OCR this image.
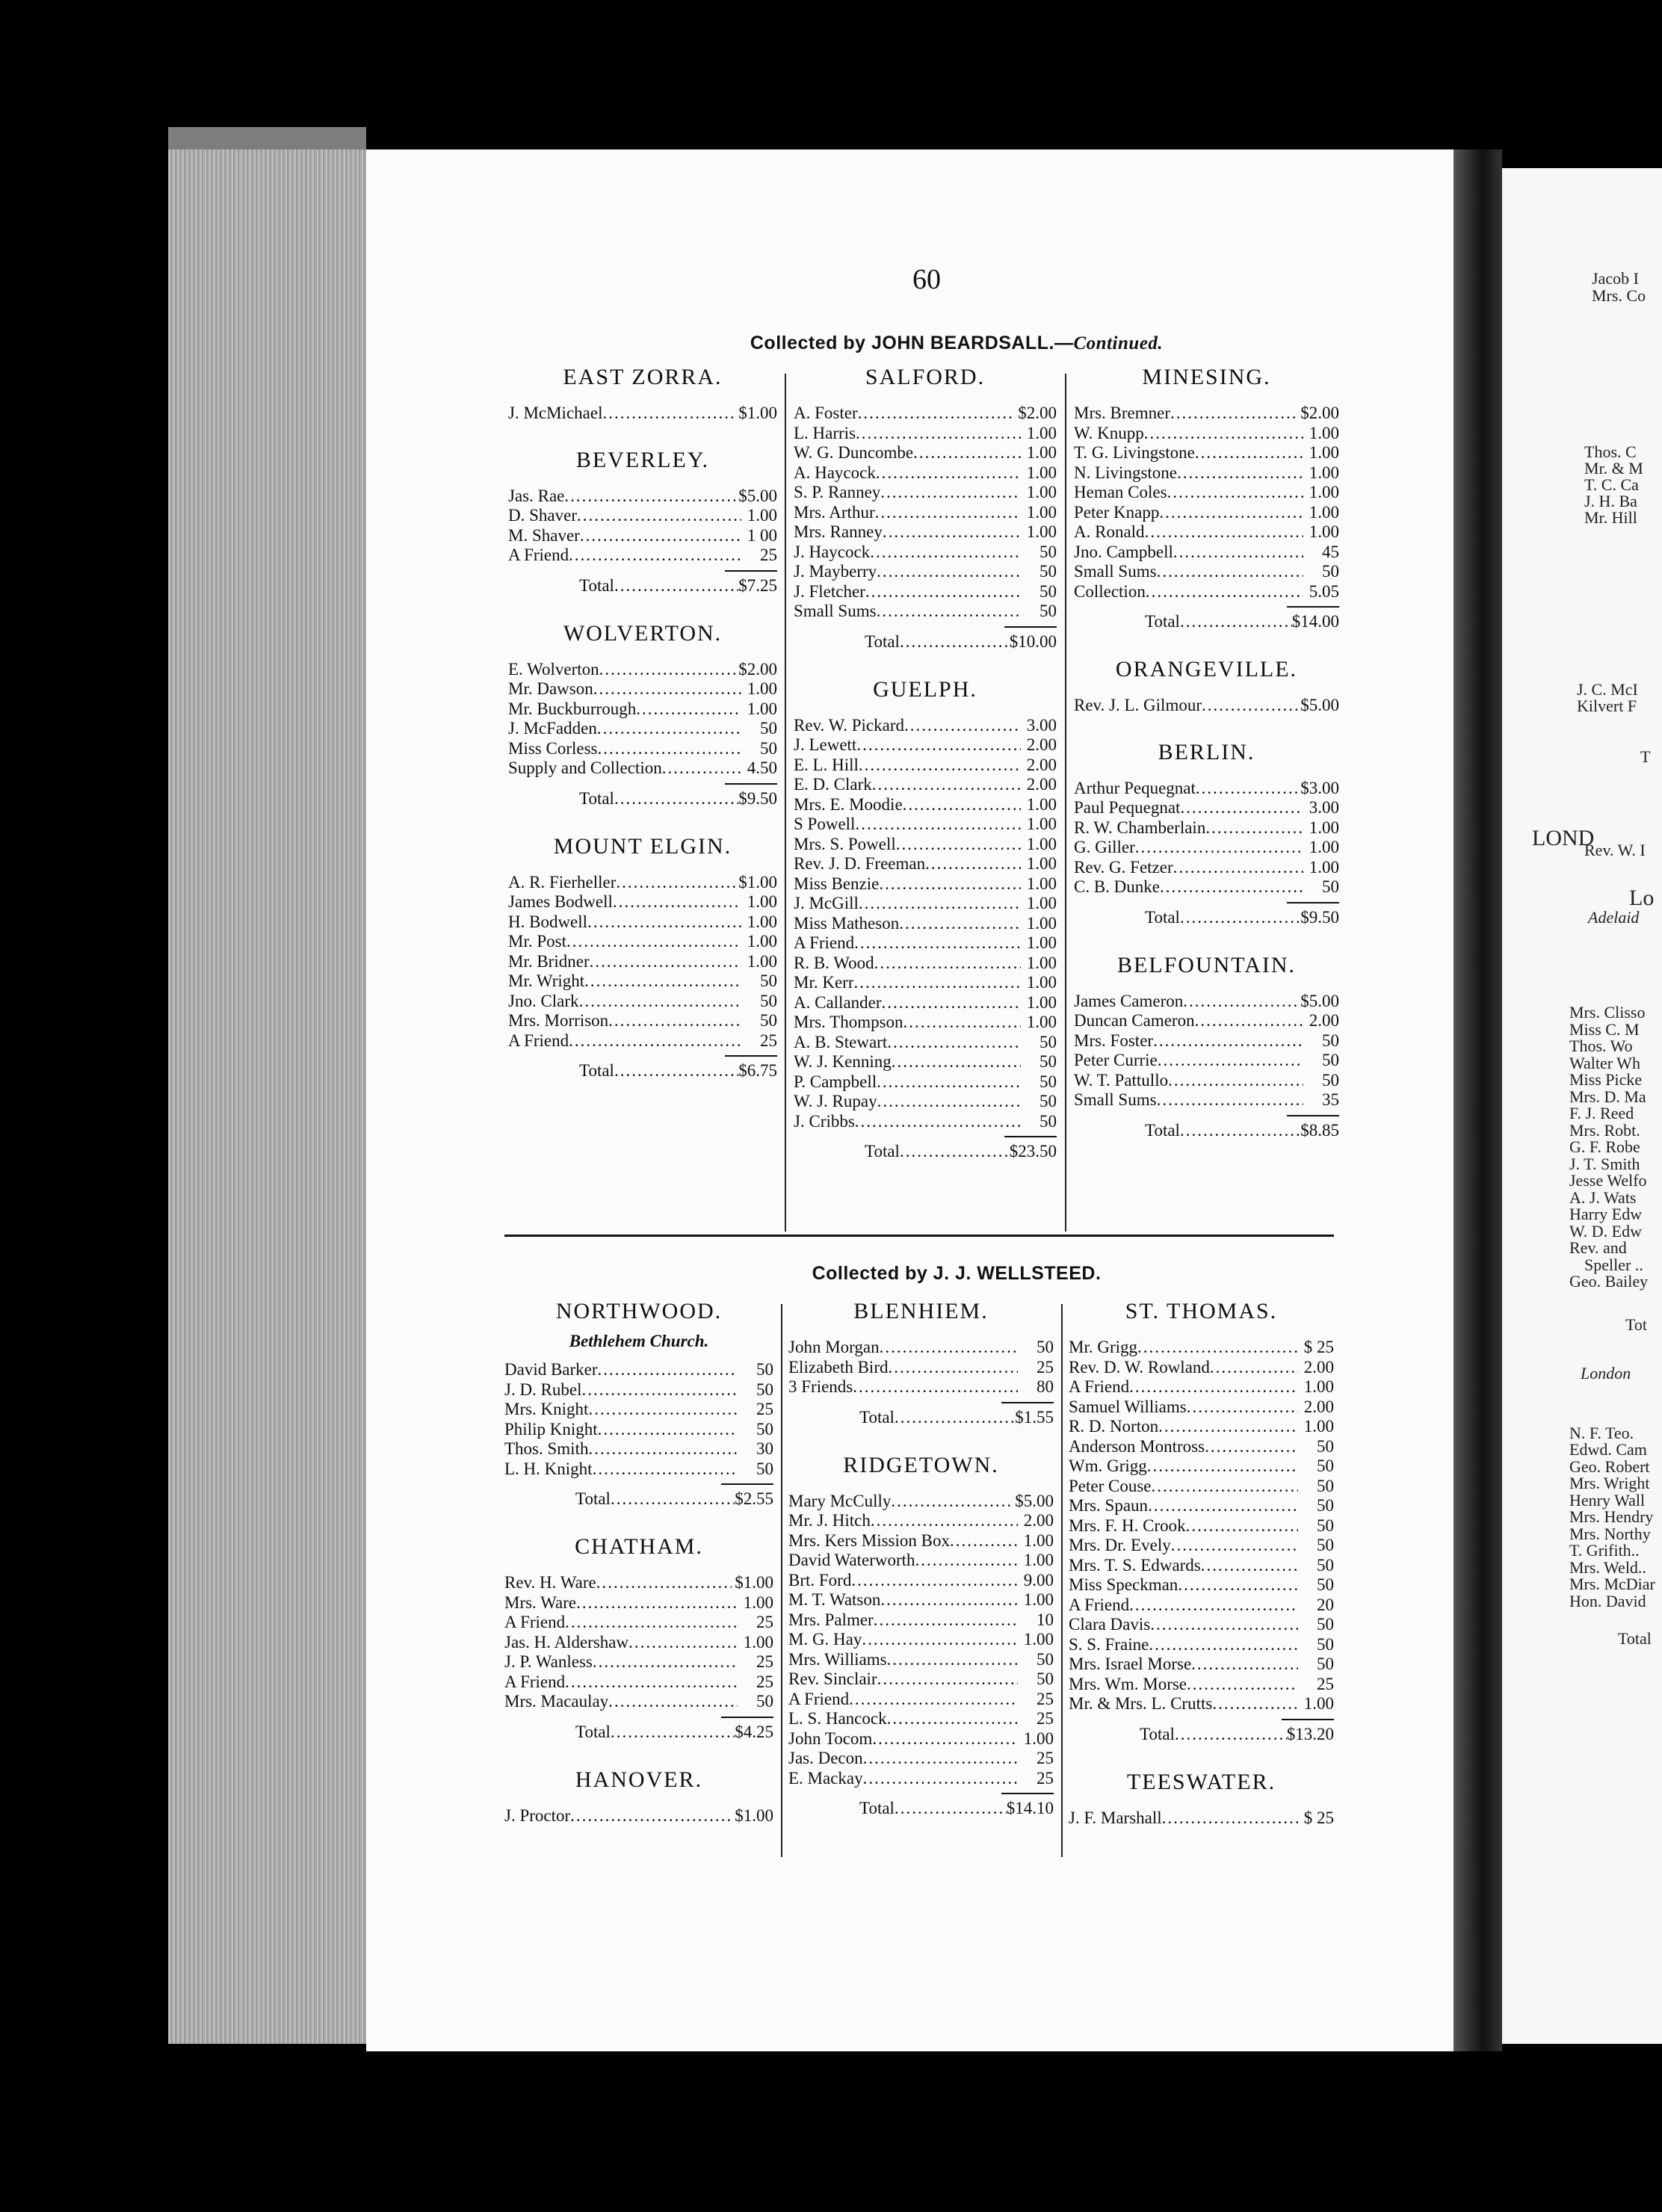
Jacob I
Mrs. Co
Thos. C
Mr. & M
T. C. Ca
J. H. Ba
Mr. Hill
J. C. McI
Kilvert F
T
LOND
Rev. W. I
Lo
Adelaid
Mrs. Clisso
Miss C. M
Thos. Wo
Walter Wh
Miss Picke
Mrs. D. Ma
F. J. Reed
Mrs. Robt.
G. F. Robe
J. T. Smith
Jesse Welfo
A. J. Wats
Harry Edw
W. D. Edw
Rev. and
Speller ..
Geo. Bailey
Tot
London
N. F. Teo.
Edwd. Cam
Geo. Robert
Mrs. Wright
Henry Wall
Mrs. Hendry
Mrs. Northy
T. Grifith..
Mrs. Weld..
Mrs. McDiar
Hon. David
Total
60
Collected by JOHN BEARDSALL.—Continued.
Collected by J. J. WELLSTEED.
EAST ZORRA.
J. McMichael .....	$1.00
BEVERLEY.
Jas. Rae .....	$5.00
D. Shaver .....	1.00
M. Shaver .....	1 00
A Friend .....	25
Total .....	$7.25
WOLVERTON.
E. Wolverton .....	$2.00
Mr. Dawson .....	1.00
Mr. Buckburrough .....	1.00
J. McFadden .....	50
Miss Corless .....	50
Supply and Collection .....	4.50
Total .....	$9.50
MOUNT ELGIN.
A. R. Fierheller .....	$1.00
James Bodwell .....	1.00
H. Bodwell .....	1.00
Mr. Post .....	1.00
Mr. Bridner .....	1.00
Mr. Wright .....	50
Jno. Clark .....	50
Mrs. Morrison .....	50
A Friend .....	25
Total .....	$6.75
SALFORD.
A. Foster .....	$2.00
L. Harris .....	1.00
W. G. Duncombe .....	1.00
A. Haycock .....	1.00
S. P. Ranney .....	1.00
Mrs. Arthur .....	1.00
Mrs. Ranney .....	1.00
J. Haycock .....	50
J. Mayberry .....	50
J. Fletcher .....	50
Small Sums .....	50
Total .....	$10.00
GUELPH.
Rev. W. Pickard .....	3.00
J. Lewett .....	2.00
E. L. Hill .....	2.00
E. D. Clark .....	2.00
Mrs. E. Moodie .....	1.00
S Powell .....	1.00
Mrs. S. Powell .....	1.00
Rev. J. D. Freeman .....	1.00
Miss Benzie .....	1.00
J. McGill .....	1.00
Miss Matheson .....	1.00
A Friend .....	1.00
R. B. Wood .....	1.00
Mr. Kerr .....	1.00
A. Callander .....	1.00
Mrs. Thompson .....	1.00
A. B. Stewart .....	50
W. J. Kenning .....	50
P. Campbell .....	50
W. J. Rupay .....	50
J. Cribbs .....	50
Total .....	$23.50
MINESING.
Mrs. Bremner .....	$2.00
W. Knupp .....	1.00
T. G. Livingstone .....	1.00
N. Livingstone .....	1.00
Heman Coles .....	1.00
Peter Knapp .....	1.00
A. Ronald .....	1.00
Jno. Campbell .....	45
Small Sums .....	50
Collection .....	5.05
Total .....	$14.00
ORANGEVILLE.
Rev. J. L. Gilmour .....	$5.00
BERLIN.
Arthur Pequegnat .....	$3.00
Paul Pequegnat .....	3.00
R. W. Chamberlain .....	1.00
G. Giller .....	1.00
Rev. G. Fetzer .....	1.00
C. B. Dunke .....	50
Total .....	$9.50
BELFOUNTAIN.
James Cameron .....	$5.00
Duncan Cameron .....	2.00
Mrs. Foster .....	50
Peter Currie .....	50
W. T. Pattullo .....	50
Small Sums .....	35
Total .....	$8.85
NORTHWOOD.
Bethlehem Church.
David Barker .....	50
J. D. Rubel .....	50
Mrs. Knight .....	25
Philip Knight .....	50
Thos. Smith .....	30
L. H. Knight .....	50
Total .....	$2.55
CHATHAM.
Rev. H. Ware .....	$1.00
Mrs. Ware .....	1.00
A Friend .....	25
Jas. H. Aldershaw .....	1.00
J. P. Wanless .....	25
A Friend .....	25
Mrs. Macaulay .....	50
Total .....	$4.25
HANOVER.
J. Proctor .....	$1.00
BLENHIEM.
John Morgan .....	50
Elizabeth Bird .....	25
3 Friends .....	80
Total .....	$1.55
RIDGETOWN.
Mary McCully .....	$5.00
Mr. J. Hitch .....	2.00
Mrs. Kers Mission Box .....	1.00
David Waterworth .....	1.00
Brt. Ford .....	9.00
M. T. Watson .....	1.00
Mrs. Palmer .....	10
M. G. Hay .....	1.00
Mrs. Williams .....	50
Rev. Sinclair .....	50
A Friend .....	25
L. S. Hancock .....	25
John Tocom .....	1.00
Jas. Decon .....	25
E. Mackay .....	25
Total .....	$14.10
ST. THOMAS.
Mr. Grigg .....	$ 25
Rev. D. W. Rowland .....	2.00
A Friend .....	1.00
Samuel Williams .....	2.00
R. D. Norton .....	1.00
Anderson Montross .....	50
Wm. Grigg .....	50
Peter Couse .....	50
Mrs. Spaun .....	50
Mrs. F. H. Crook .....	50
Mrs. Dr. Evely .....	50
Mrs. T. S. Edwards .....	50
Miss Speckman .....	50
A Friend .....	20
Clara Davis .....	50
S. S. Fraine .....	50
Mrs. Israel Morse .....	50
Mrs. Wm. Morse .....	25
Mr. & Mrs. L. Crutts .....	1.00
Total .....	$13.20
TEESWATER.
J. F. Marshall .....	$ 25
